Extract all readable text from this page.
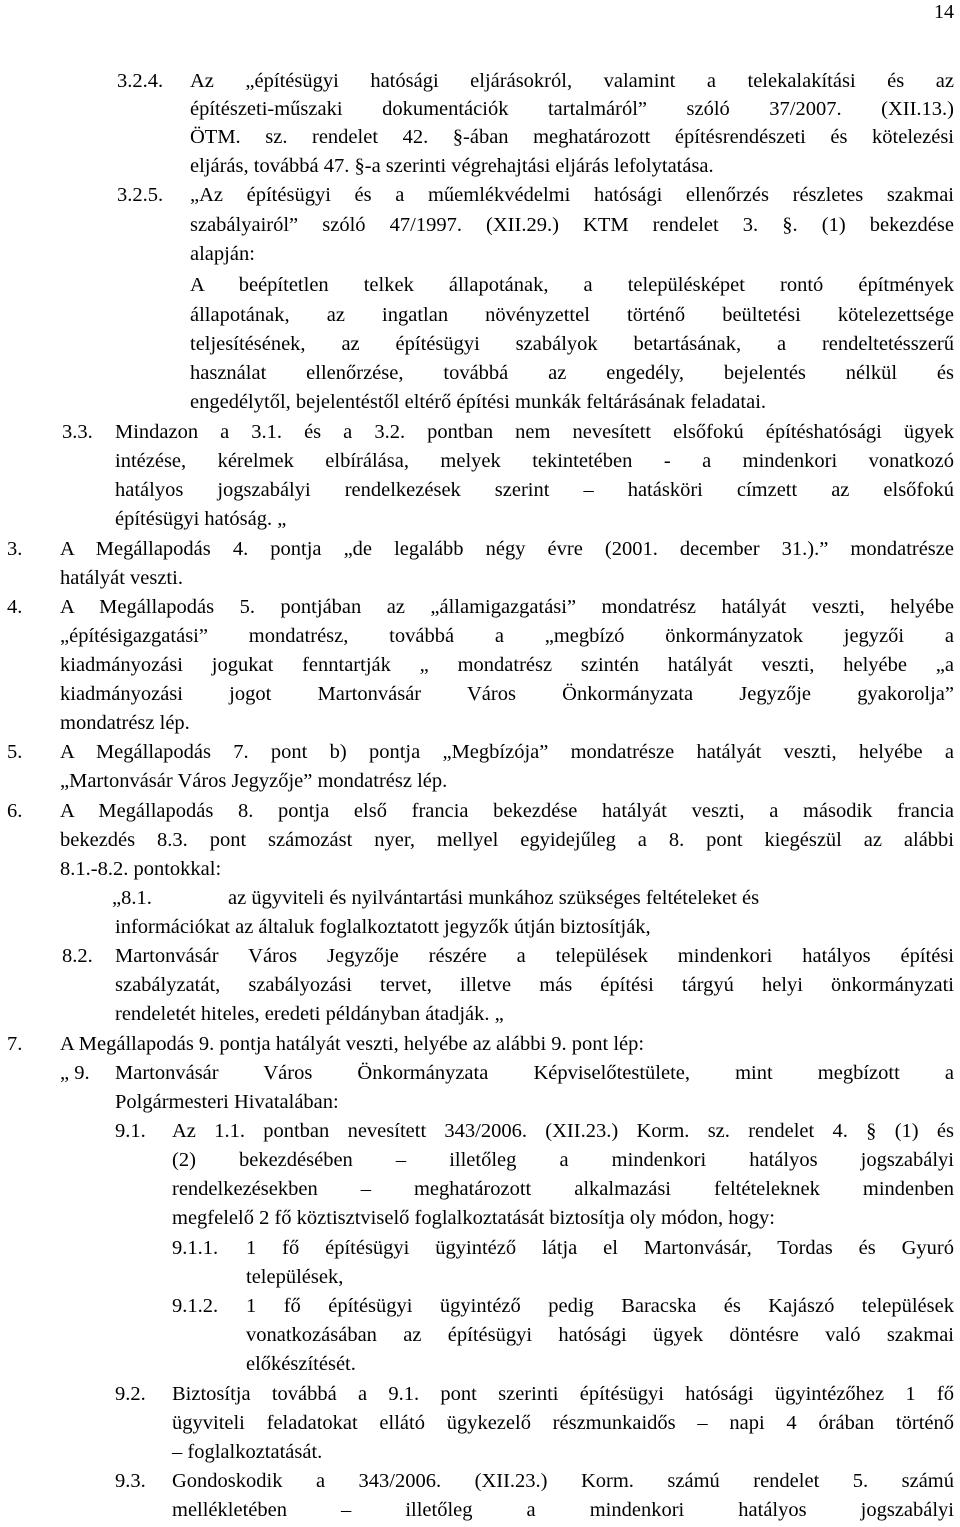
14

3.2.4. Az „építésügyi hatósági eljárásokról, valamint a telekalakítási és az

építészeti-műszaki dokumentációk tartalmáról” szóló 37/2007. (XII.13.)

ÖTM. sz. rendelet 42. §-ában meghatározott építésrendészeti és kötelezési

eljárás, továbbá 47. §-a szerinti végrehajtási eljárás lefolytatása.

3.2.5. „Az építésügyi és a műemlékvédelmi hatósági ellenőrzés részletes szakmai

szabályairól” szóló 47/1997. (XII.29.) KTM rendelet 3. §. (1) bekezdése

alapján:

A beépítetlen telkek állapotának, a településképet rontó építmények

állapotának, az ingatlan növényzettel történő beültetési kötelezettsége

teljesítésének, az építésügyi szabályok betartásának, a rendeltetésszerű

használat ellenőrzése, továbbá az engedély, bejelentés nélkül és

engedélytől, bejelentéstől eltérő építési munkák feltárásának feladatai.

3.3. Mindazon a 3.1. és a 3.2. pontban nem nevesített elsőfokú építéshatósági ügyek

intézése, kérelmek elbírálása, melyek tekintetében - a mindenkori vonatkozó

hatályos jogszabályi rendelkezések szerint – hatásköri címzett az elsőfokú

építésügyi hatóság. „

3. A Megállapodás 4. pontja „de legalább négy évre (2001. december 31.).” mondatrésze

hatályát veszti.

4. A Megállapodás 5. pontjában az „államigazgatási” mondatrész hatályát veszti, helyébe

„építésigazgatási” mondatrész, továbbá a „megbízó önkormányzatok jegyzői a

kiadmányozási jogukat fenntartják „ mondatrész szintén hatályát veszti, helyébe „a

kiadmányozási jogot Martonvásár Város Önkormányzata Jegyzője gyakorolja”

mondatrész lép.

5. A Megállapodás 7. pont b) pontja „Megbízója” mondatrésze hatályát veszti, helyébe a

„Martonvásár Város Jegyzője” mondatrész lép.

6. A Megállapodás 8. pontja első francia bekezdése hatályát veszti, a második francia

bekezdés 8.3. pont számozást nyer, mellyel egyidejűleg a 8. pont kiegészül az alábbi

8.1.-8.2. pontokkal:

„8.1.	az ügyviteli és nyilvántartási munkához szükséges feltételeket és

információkat az általuk foglalkoztatott jegyzők útján biztosítják,

8.2. Martonvásár Város Jegyzője részére a települések mindenkori hatályos építési

szabályzatát, szabályozási tervet, illetve más építési tárgyú helyi önkormányzati

rendeletét hiteles, eredeti példányban átadják. „

7. A Megállapodás 9. pontja hatályát veszti, helyébe az alábbi 9. pont lép:

„ 9. Martonvásár Város Önkormányzata Képviselőtestülete, mint megbízott a

Polgármesteri Hivatalában:

9.1. Az 1.1. pontban nevesített 343/2006. (XII.23.) Korm. sz. rendelet 4. § (1) és

(2) bekezdésében – illetőleg a mindenkori hatályos jogszabályi

rendelkezésekben – meghatározott alkalmazási feltételeknek mindenben

megfelelő 2 fő köztisztviselő foglalkoztatását biztosítja oly módon, hogy:

9.1.1. 1 fő építésügyi ügyintéző látja el Martonvásár, Tordas és Gyuró

települések,

9.1.2. 1 fő építésügyi ügyintéző pedig Baracska és Kajászó települések

vonatkozásában az építésügyi hatósági ügyek döntésre való szakmai

előkészítését.

9.2. Biztosítja továbbá a 9.1. pont szerinti építésügyi hatósági ügyintézőhez 1 fő

ügyviteli feladatokat ellátó ügykezelő részmunkaidős – napi 4 órában történő

– foglalkoztatását.

9.3. Gondoskodik a 343/2006. (XII.23.) Korm. számú rendelet 5. számú

mellékletében – illetőleg a mindenkori hatályos jogszabályi
